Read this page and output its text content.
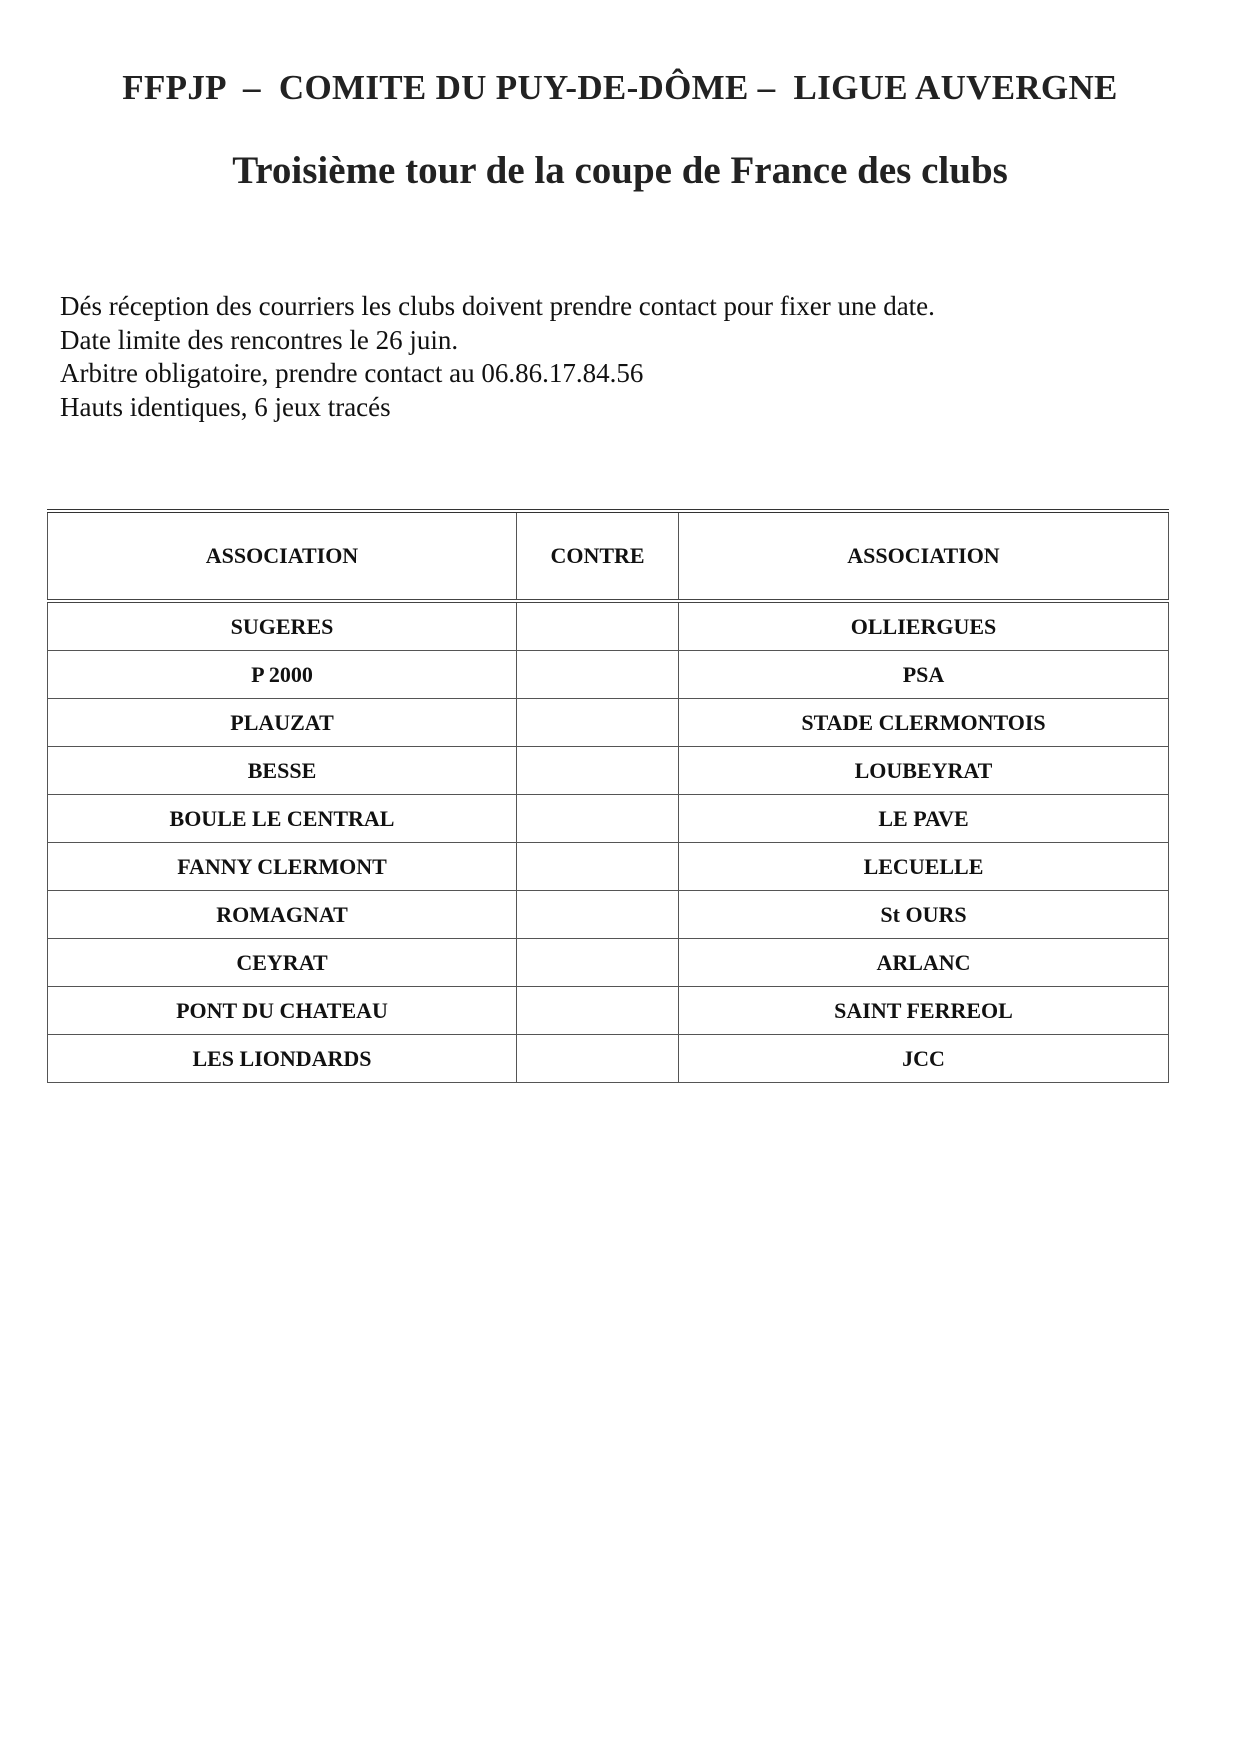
FFPJP  –  COMITE DU PUY-DE-DÔME –  LIGUE AUVERGNE
Troisième tour de la coupe de France des clubs
Dés réception des courriers les clubs doivent prendre contact pour fixer une date.
Date limite des rencontres le 26 juin.
Arbitre obligatoire, prendre contact au 06.86.17.84.56
Hauts identiques, 6 jeux tracés
ASSOCIATION	CONTRE	ASSOCIATION
SUGERES		OLLIERGUES
P 2000		PSA
PLAUZAT		STADE CLERMONTOIS
BESSE		LOUBEYRAT
BOULE LE CENTRAL		LE PAVE
FANNY CLERMONT		LECUELLE
ROMAGNAT		St OURS
CEYRAT		ARLANC
PONT DU CHATEAU		SAINT FERREOL
LES LIONDARDS		JCC
